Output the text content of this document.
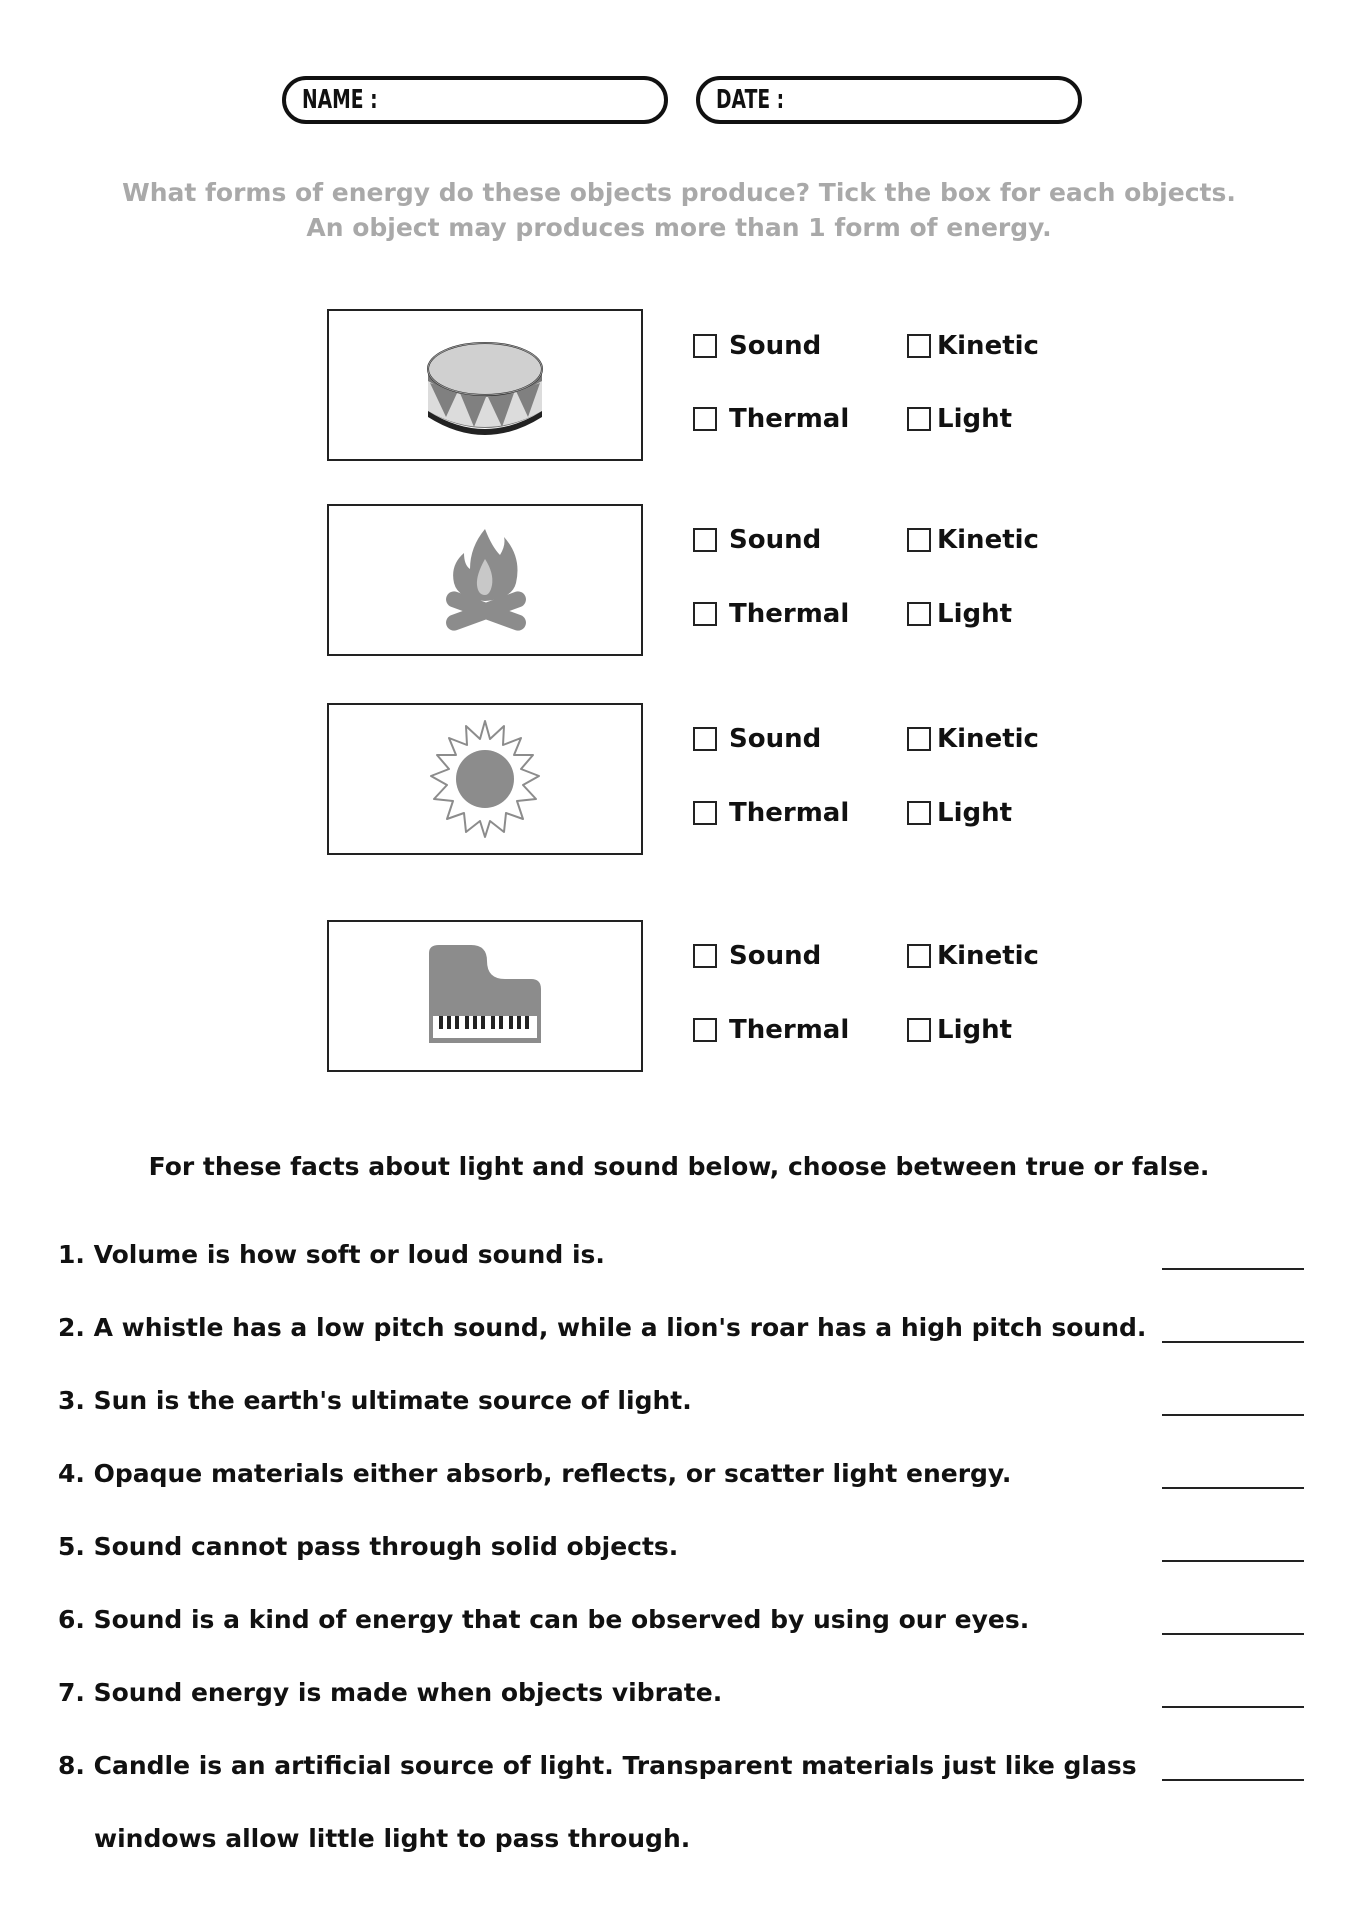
NAME :	DATE :
What forms of energy do these objects produce? Tick the box for each objects.
An object may produces more than 1 form of energy.
Sound	Kinetic
Thermal	Light
Sound	Kinetic
Thermal	Light
Sound	Kinetic
Thermal	Light
Sound	Kinetic
Thermal	Light
For these facts about light and sound below, choose between true or false.
1. Volume is how soft or loud sound is.
2. A whistle has a low pitch sound, while a lion's roar has a high pitch sound.
3. Sun is the earth's ultimate source of light.
4. Opaque materials either absorb, reflects, or scatter light energy.
5. Sound cannot pass through solid objects.
6. Sound is a kind of energy that can be observed by using our eyes.
7. Sound energy is made when objects vibrate.
8. Candle is an artificial source of light. Transparent materials just like glass
windows allow little light to pass through.
